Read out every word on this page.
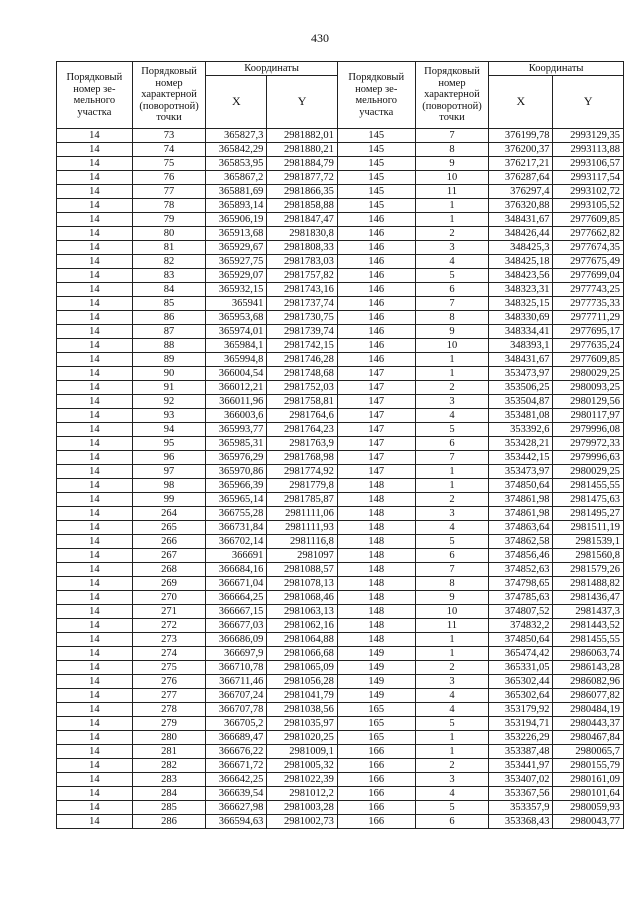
430
Порядковый номер зе-мельного участка	Порядковый номер характерной (поворотной) точки	Координаты		Порядковый номер зе-мельного участка	Порядковый номер характерной (поворотной) точки	Координаты	
		X	Y			X	Y
14	73	365827,3	2981882,01	145	7	376199,78	2993129,35
14	74	365842,29	2981880,21	145	8	376200,37	2993113,88
14	75	365853,95	2981884,79	145	9	376217,21	2993106,57
14	76	365867,2	2981877,72	145	10	376287,64	2993117,54
14	77	365881,69	2981866,35	145	11	376297,4	2993102,72
14	78	365893,14	2981858,88	145	1	376320,88	2993105,52
14	79	365906,19	2981847,47	146	1	348431,67	2977609,85
14	80	365913,68	2981830,8	146	2	348426,44	2977662,82
14	81	365929,67	2981808,33	146	3	348425,3	2977674,35
14	82	365927,75	2981783,03	146	4	348425,18	2977675,49
14	83	365929,07	2981757,82	146	5	348423,56	2977699,04
14	84	365932,15	2981743,16	146	6	348323,31	2977743,25
14	85	365941	2981737,74	146	7	348325,15	2977735,33
14	86	365953,68	2981730,75	146	8	348330,69	2977711,29
14	87	365974,01	2981739,74	146	9	348334,41	2977695,17
14	88	365984,1	2981742,15	146	10	348393,1	2977635,24
14	89	365994,8	2981746,28	146	1	348431,67	2977609,85
14	90	366004,54	2981748,68	147	1	353473,97	2980029,25
14	91	366012,21	2981752,03	147	2	353506,25	2980093,25
14	92	366011,96	2981758,81	147	3	353504,87	2980129,56
14	93	366003,6	2981764,6	147	4	353481,08	2980117,97
14	94	365993,77	2981764,23	147	5	353392,6	2979996,08
14	95	365985,31	2981763,9	147	6	353428,21	2979972,33
14	96	365976,29	2981768,98	147	7	353442,15	2979996,63
14	97	365970,86	2981774,92	147	1	353473,97	2980029,25
14	98	365966,39	2981779,8	148	1	374850,64	2981455,55
14	99	365965,14	2981785,87	148	2	374861,98	2981475,63
14	264	366755,28	2981111,06	148	3	374861,98	2981495,27
14	265	366731,84	2981111,93	148	4	374863,64	2981511,19
14	266	366702,14	2981116,8	148	5	374862,58	2981539,1
14	267	366691	2981097	148	6	374856,46	2981560,8
14	268	366684,16	2981088,57	148	7	374852,63	2981579,26
14	269	366671,04	2981078,13	148	8	374798,65	2981488,82
14	270	366664,25	2981068,46	148	9	374785,63	2981436,47
14	271	366667,15	2981063,13	148	10	374807,52	2981437,3
14	272	366677,03	2981062,16	148	11	374832,2	2981443,52
14	273	366686,09	2981064,88	148	1	374850,64	2981455,55
14	274	366697,9	2981066,68	149	1	365474,42	2986063,74
14	275	366710,78	2981065,09	149	2	365331,05	2986143,28
14	276	366711,46	2981056,28	149	3	365302,44	2986082,96
14	277	366707,24	2981041,79	149	4	365302,64	2986077,82
14	278	366707,78	2981038,56	165	4	353179,92	2980484,19
14	279	366705,2	2981035,97	165	5	353194,71	2980443,37
14	280	366689,47	2981020,25	165	1	353226,29	2980467,84
14	281	366676,22	2981009,1	166	1	353387,48	2980065,7
14	282	366671,72	2981005,32	166	2	353441,97	2980155,79
14	283	366642,25	2981022,39	166	3	353407,02	2980161,09
14	284	366639,54	2981012,2	166	4	353367,56	2980101,64
14	285	366627,98	2981003,28	166	5	353357,9	2980059,93
14	286	366594,63	2981002,73	166	6	353368,43	2980043,77
